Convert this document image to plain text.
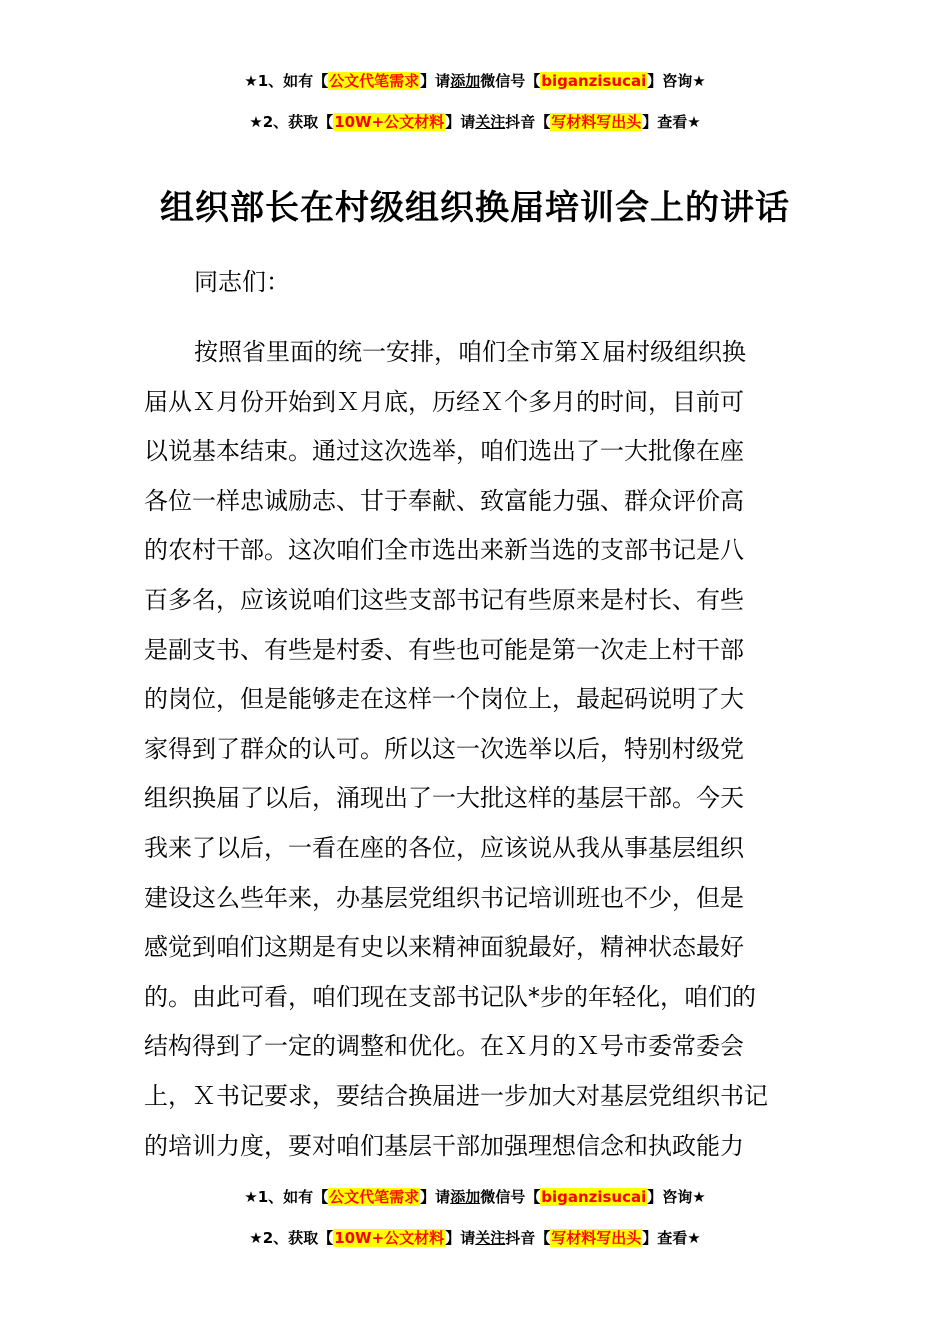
★1、如有【公文代笔需求】请添加微信号【biganzisucai】咨询★
★2、获取【10W+公文材料】请关注抖音【写材料写出头】查看★
组织部长在村级组织换届培训会上的讲话
同志们：
按照省里面的统一安排，咱们全市第Ｘ届村级组织换
届从Ｘ月份开始到Ｘ月底，历经Ｘ个多月的时间，目前可
以说基本结束。通过这次选举，咱们选出了一大批像在座
各位一样忠诚励志、甘于奉献、致富能力强、群众评价高
的农村干部。这次咱们全市选出来新当选的支部书记是八
百多名，应该说咱们这些支部书记有些原来是村长、有些
是副支书、有些是村委、有些也可能是第一次走上村干部
的岗位，但是能够走在这样一个岗位上，最起码说明了大
家得到了群众的认可。所以这一次选举以后，特别村级党
组织换届了以后，涌现出了一大批这样的基层干部。今天
我来了以后，一看在座的各位，应该说从我从事基层组织
建设这么些年来，办基层党组织书记培训班也不少，但是
感觉到咱们这期是有史以来精神面貌最好，精神状态最好
的。由此可看，咱们现在支部书记队*步的年轻化，咱们的
结构得到了一定的调整和优化。在Ｘ月的Ｘ号市委常委会
上，Ｘ书记要求，要结合换届进一步加大对基层党组织书记
的培训力度，要对咱们基层干部加强理想信念和执政能力
★1、如有【公文代笔需求】请添加微信号【biganzisucai】咨询★
★2、获取【10W+公文材料】请关注抖音【写材料写出头】查看★
